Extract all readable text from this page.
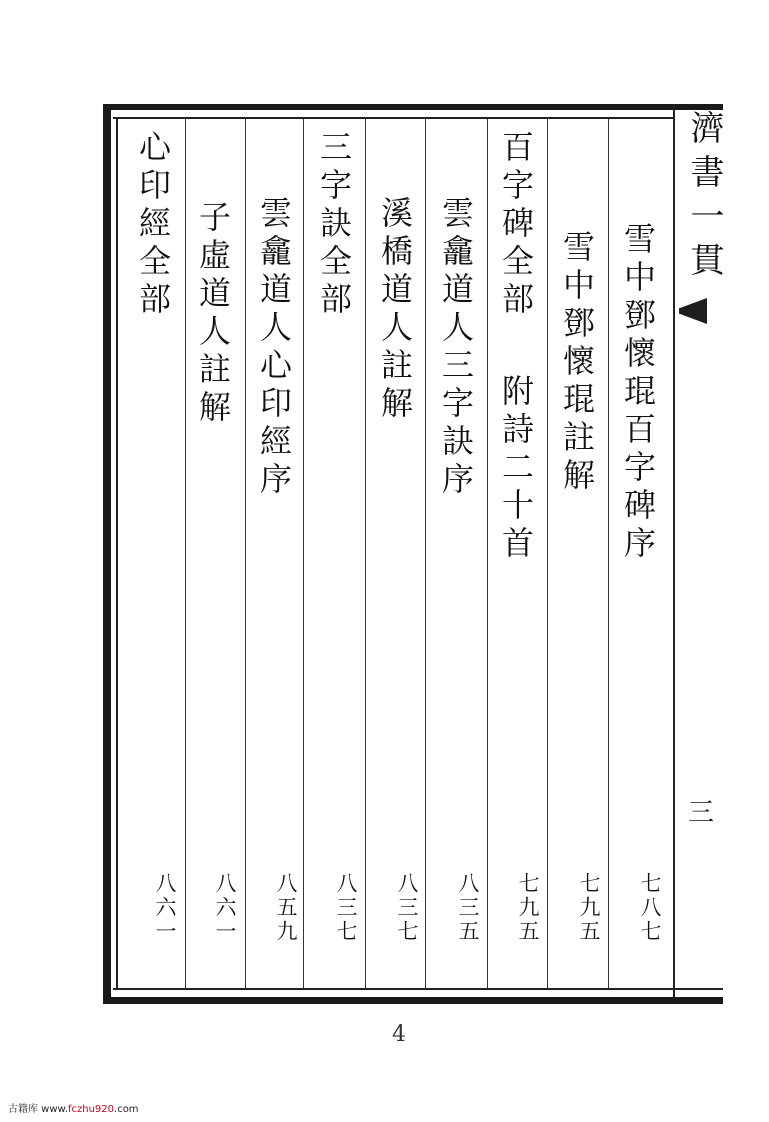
濟書一貫
三
雪中鄧懷琨百字碑序
七八七
雪中鄧懷琨註解
七九五
百字碑全部
附詩二十首
七九五
雲龕道人三字訣序
八三五
溪橋道人註解
八三七
三字訣全部
八三七
雲龕道人心印經序
八五九
子虛道人註解
八六一
心印經全部
八六一
4
古籍库 www.fczhu920.com
